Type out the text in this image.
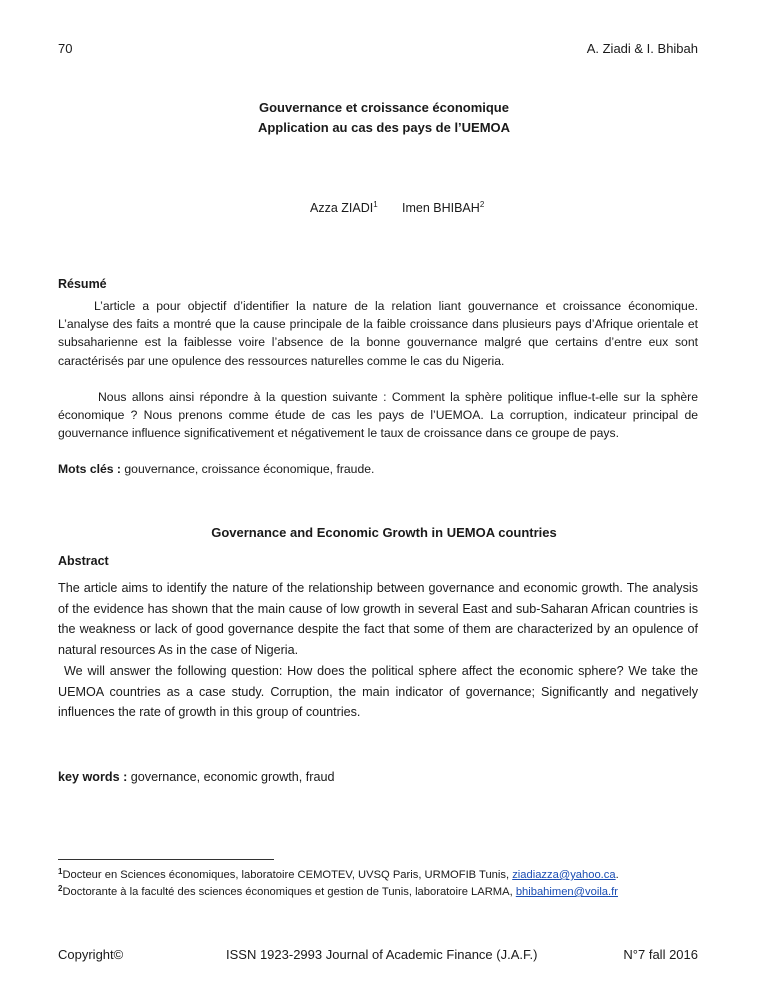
70	A. Ziadi & I. Bhibah
Gouvernance et croissance économique
Application au cas des pays de l’UEMOA
Azza ZIADI$^1$ Imen BHIBAH$^2$
Résumé
L’article a pour objectif d’identifier la nature de la relation liant gouvernance et croissance économique. L’analyse des faits a montré que la cause principale de la faible croissance dans plusieurs pays d’Afrique orientale et subsaharienne est la faiblesse voire l’absence de la bonne gouvernance malgré que certains d’entre eux sont caractérisés par une opulence des ressources naturelles comme le cas du Nigeria.
Nous allons ainsi répondre à la question suivante : Comment la sphère politique influe-t-elle sur la sphère économique ? Nous prenons comme étude de cas les pays de l’UEMOA. La corruption, indicateur principal de gouvernance influence significativement et négativement le taux de croissance dans ce groupe de pays.
Mots clés : gouvernance, croissance économique, fraude.
Governance and Economic Growth in UEMOA countries
Abstract
The article aims to identify the nature of the relationship between governance and economic growth. The analysis of the evidence has shown that the main cause of low growth in several East and sub-Saharan African countries is the weakness or lack of good governance despite the fact that some of them are characterized by an opulence of natural resources As in the case of Nigeria.
We will answer the following question: How does the political sphere affect the economic sphere? We take the UEMOA countries as a case study. Corruption, the main indicator of governance; Significantly and negatively influences the rate of growth in this group of countries.
key words : governance, economic growth, fraud
$^1$Docteur en Sciences économiques, laboratoire CEMOTEV, UVSQ Paris, URMOFIB Tunis, ziadiazza@yahoo.ca.
$^2$Doctorante à la faculté des sciences économiques et gestion de Tunis, laboratoire LARMA, bhibahimen@voila.fr
Copyright©	ISSN 1923-2993 Journal of Academic Finance (J.A.F.)	N°7 fall 2016
